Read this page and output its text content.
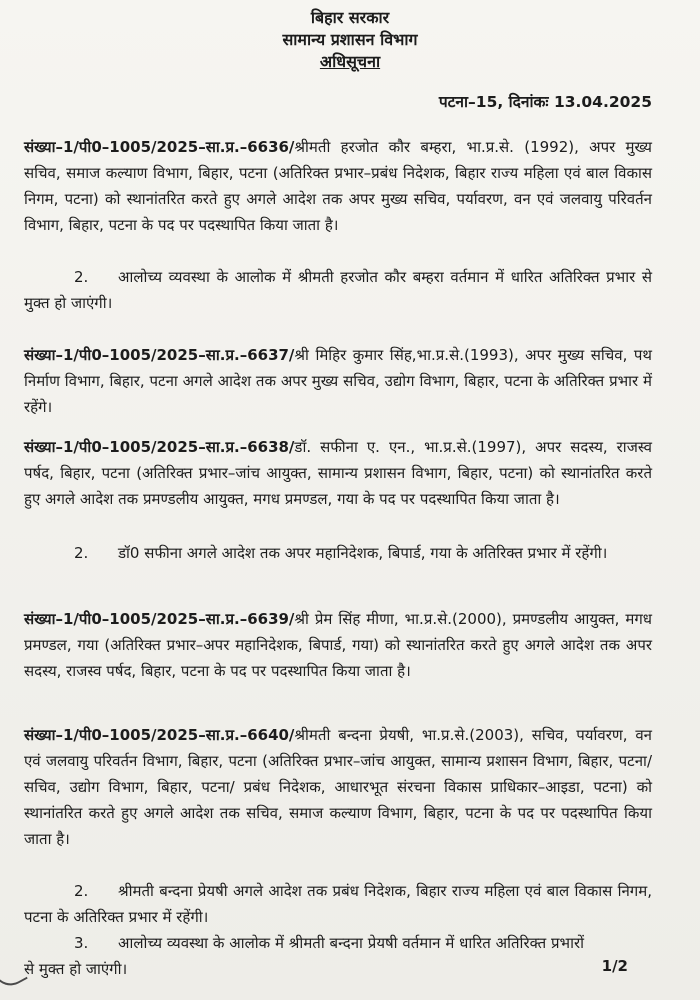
बिहार सरकार
सामान्य प्रशासन विभाग
अधिसूचना
पटना–15, दिनांकः 13.04.2025
संख्या–1/पी0–1005/2025–सा.प्र.–6636/श्रीमती हरजोत कौर बम्हरा, भा.प्र.से. (1992), अपर मुख्य सचिव, समाज कल्याण विभाग, बिहार, पटना (अतिरिक्त प्रभार–प्रबंध निदेशक, बिहार राज्य महिला एवं बाल विकास निगम, पटना) को स्थानांतरित करते हुए अगले आदेश तक अपर मुख्य सचिव, पर्यावरण, वन एवं जलवायु परिवर्तन विभाग, बिहार, पटना के पद पर पदस्थापित किया जाता है।
2. आलोच्य व्यवस्था के आलोक में श्रीमती हरजोत कौर बम्हरा वर्तमान में धारित अतिरिक्त प्रभार से मुक्त हो जाएंगी।
संख्या–1/पी0–1005/2025–सा.प्र.–6637/श्री मिहिर कुमार सिंह,भा.प्र.से.(1993), अपर मुख्य सचिव, पथ निर्माण विभाग, बिहार, पटना अगले आदेश तक अपर मुख्य सचिव, उद्योग विभाग, बिहार, पटना के अतिरिक्त प्रभार में रहेंगे।
संख्या–1/पी0–1005/2025–सा.प्र.–6638/डॉ. सफीना ए. एन., भा.प्र.से.(1997), अपर सदस्य, राजस्व पर्षद, बिहार, पटना (अतिरिक्त प्रभार–जांच आयुक्त, सामान्य प्रशासन विभाग, बिहार, पटना) को स्थानांतरित करते हुए अगले आदेश तक प्रमण्डलीय आयुक्त, मगध प्रमण्डल, गया के पद पर पदस्थापित किया जाता है।
2. डॉ0 सफीना अगले आदेश तक अपर महानिदेशक, बिपार्ड, गया के अतिरिक्त प्रभार में रहेंगी।
संख्या–1/पी0–1005/2025–सा.प्र.–6639/श्री प्रेम सिंह मीणा, भा.प्र.से.(2000), प्रमण्डलीय आयुक्त, मगध प्रमण्डल, गया (अतिरिक्त प्रभार–अपर महानिदेशक, बिपार्ड, गया) को स्थानांतरित करते हुए अगले आदेश तक अपर सदस्य, राजस्व पर्षद, बिहार, पटना के पद पर पदस्थापित किया जाता है।
संख्या–1/पी0–1005/2025–सा.प्र.–6640/श्रीमती बन्दना प्रेयषी, भा.प्र.से.(2003), सचिव, पर्यावरण, वन एवं जलवायु परिवर्तन विभाग, बिहार, पटना (अतिरिक्त प्रभार–जांच आयुक्त, सामान्य प्रशासन विभाग, बिहार, पटना/सचिव, उद्योग विभाग, बिहार, पटना/ प्रबंध निदेशक, आधारभूत संरचना विकास प्राधिकार–आइडा, पटना) को स्थानांतरित करते हुए अगले आदेश तक सचिव, समाज कल्याण विभाग, बिहार, पटना के पद पर पदस्थापित किया जाता है।
2. श्रीमती बन्दना प्रेयषी अगले आदेश तक प्रबंध निदेशक, बिहार राज्य महिला एवं बाल विकास निगम, पटना के अतिरिक्त प्रभार में रहेंगी।
3. आलोच्य व्यवस्था के आलोक में श्रीमती बन्दना प्रेयषी वर्तमान में धारित अतिरिक्त प्रभारों से मुक्त हो जाएंगी।	1/2
